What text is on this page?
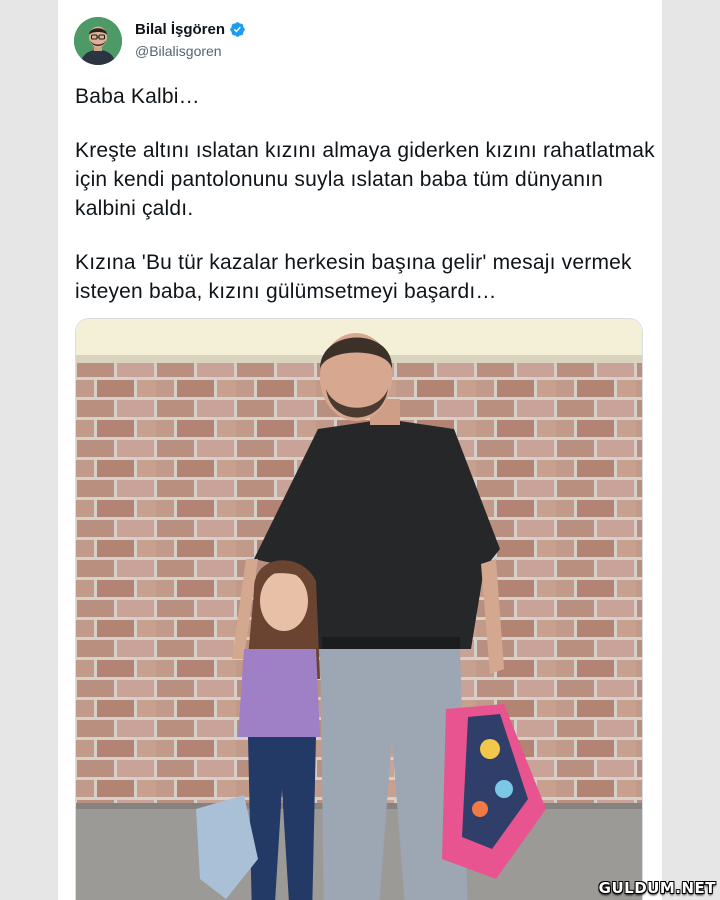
Bilal İşgören
@Bilalisgoren

Baba Kalbi…

Kreşte altını ıslatan kızını almaya giderken kızını rahatlatmak için kendi pantolonunu suyla ıslatan baba tüm dünyanın kalbini çaldı.

Kızına 'Bu tür kazalar herkesin başına gelir' mesajı vermek isteyen baba, kızını gülümsetmeyi başardı…

GULDUM.NET
